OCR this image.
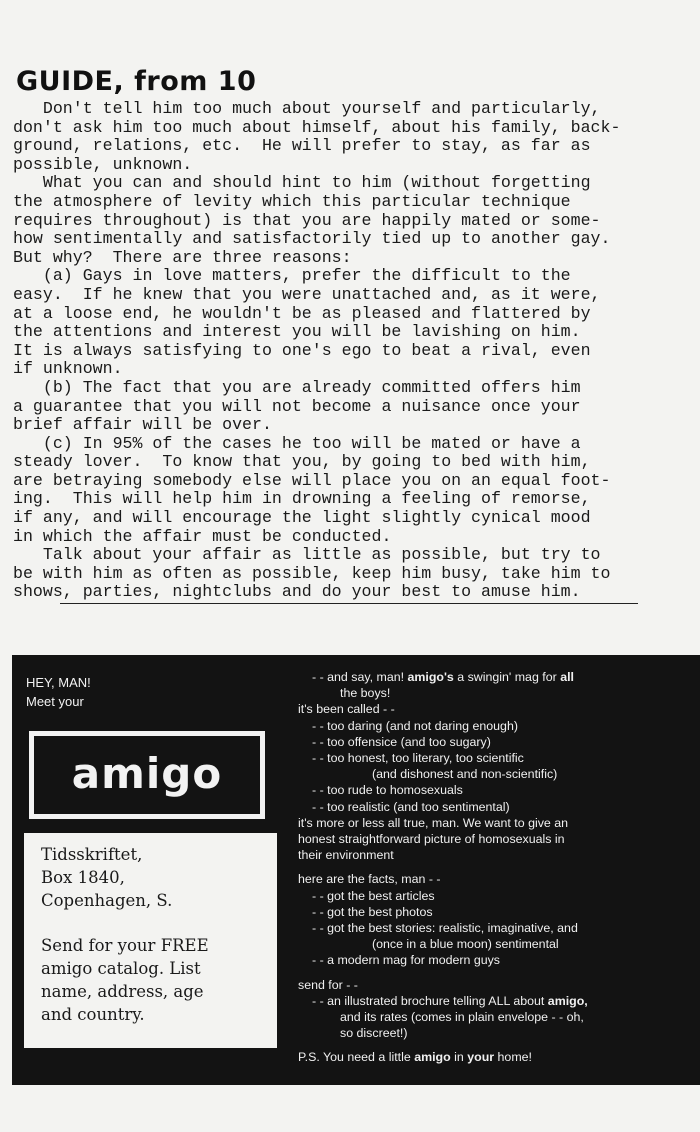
GUIDE, from 10

Don't tell him too much about yourself and particularly,

don't ask him too much about himself, about his family, back-

ground, relations, etc.  He will prefer to stay, as far as

possible, unknown.

What you can and should hint to him (without forgetting

the atmosphere of levity which this particular technique

requires throughout) is that you are happily mated or some-

how sentimentally and satisfactorily tied up to another gay.

But why?  There are three reasons:

(a) Gays in love matters, prefer the difficult to the

easy.  If he knew that you were unattached and, as it were,

at a loose end, he wouldn't be as pleased and flattered by

the attentions and interest you will be lavishing on him.

It is always satisfying to one's ego to beat a rival, even

if unknown.

(b) The fact that you are already committed offers him

a guarantee that you will not become a nuisance once your

brief affair will be over.

(c) In 95% of the cases he too will be mated or have a

steady lover.  To know that you, by going to bed with him,

are betraying somebody else will place you on an equal foot-

ing.  This will help him in drowning a feeling of remorse,

if any, and will encourage the light slightly cynical mood

in which the affair must be conducted.

Talk about your affair as little as possible, but try to

be with him as often as possible, keep him busy, take him to

shows, parties, nightclubs and do your best to amuse him.

HEY, MAN!
Meet your
amigo
Tidsskriftet,
Box 1840,
Copenhagen, S.
Send for your FREE
amigo catalog. List
name, address, age
and country.
- - and say, man! amigo's a swingin' mag for all
the boys!
it's been called - -
- - too daring (and not daring enough)
- - too offensice (and too sugary)
- - too honest, too literary, too scientific
(and dishonest and non-scientific)
- - too rude to homosexuals
- - too realistic (and too sentimental)
it's more or less all true, man. We want to give an
honest straightforward picture of homosexuals in
their environment
here are the facts, man - -
- - got the best articles
- - got the best photos
- - got the best stories: realistic, imaginative, and
(once in a blue moon) sentimental
- - a modern mag for modern guys
send for - -
- - an illustrated brochure telling ALL about amigo,
and its rates (comes in plain envelope - - oh,
so discreet!)
P.S. You need a little amigo in your home!
